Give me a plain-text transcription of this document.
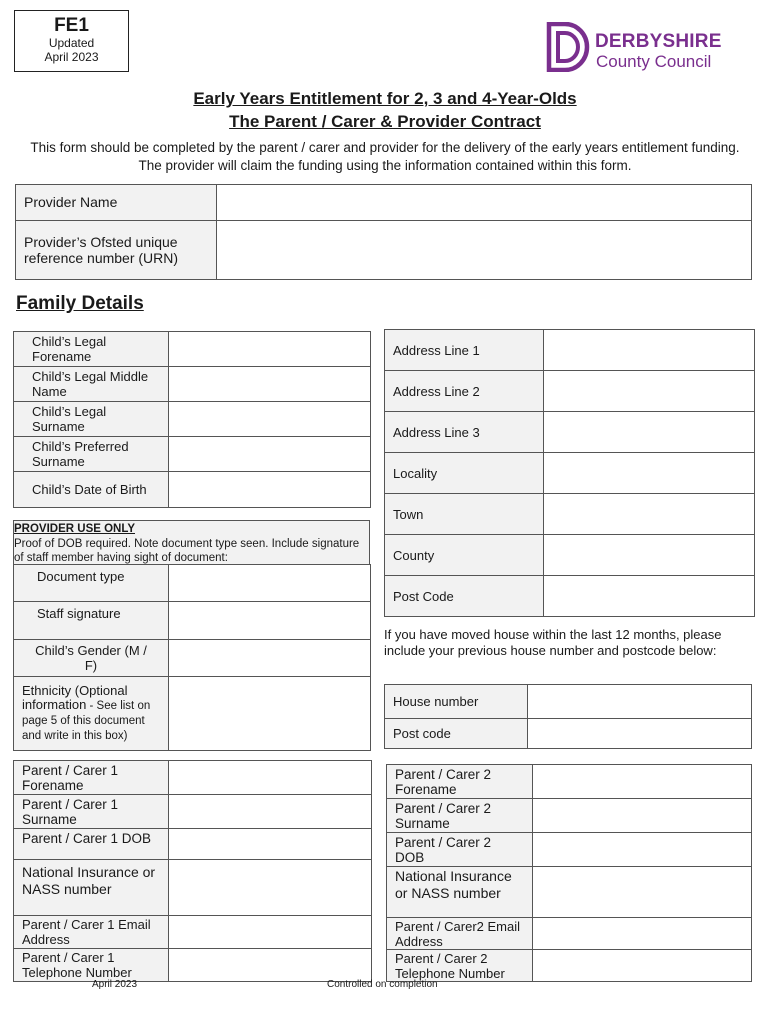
FE1
Updated
April 2023
DERBYSHIRE
County Council
Early Years Entitlement for 2, 3 and 4-Year-Olds
The Parent / Carer & Provider Contract
This form should be completed by the parent / carer and provider for the delivery of the early years entitlement funding. The provider will claim the funding using the information contained within this form.
Provider Name	
Provider’s Ofsted unique reference number (URN)	
Family Details
Child’s Legal Forename	
Child’s Legal Middle Name	
Child’s Legal Surname	
Child’s Preferred Surname	
Child’s Date of Birth	
PROVIDER USE ONLY
Proof of DOB required. Note document type seen. Include signature of staff member having sight of document:
Document type	
Staff signature	
Child’s Gender (M / F)	
Ethnicity (Optional information - See list on page 5 of this document and write in this box)	
Address Line 1	
Address Line 2	
Address Line 3	
Locality	
Town	
County	
Post Code	
If you have moved house within the last 12 months, please include your previous house number and postcode below:
House number	
Post code	
Parent / Carer 1 Forename	
Parent / Carer 1 Surname	
Parent / Carer 1 DOB	
National Insurance or NASS number	
Parent / Carer 1 Email Address	
Parent / Carer 1 Telephone Number	
Parent / Carer 2 Forename	
Parent / Carer 2 Surname	
Parent / Carer 2 DOB	
National Insurance or NASS number	
Parent / Carer2 Email Address	
Parent / Carer 2 Telephone Number	
April 2023	Controlled on completion
